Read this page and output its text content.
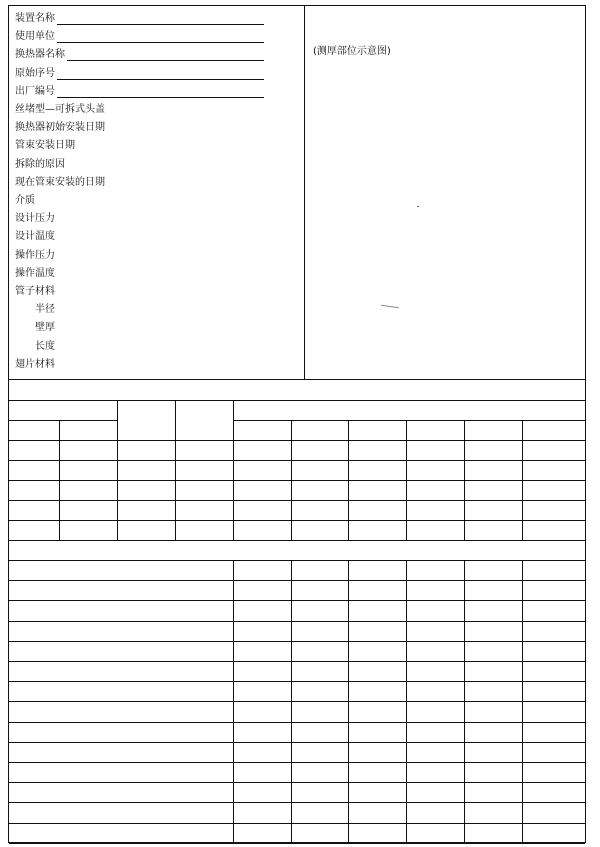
装置名称
使用单位
换热器名称
原始序号
出厂编号
丝堵型—可拆式头盖
换热器初始安装日期
管束安装日期
拆除的原因
现在管束安装的日期
介质
设计压力
设计温度
操作压力
操作温度
管子材料
半径
壁厚
长度
翅片材料
(测厚部位示意图)
